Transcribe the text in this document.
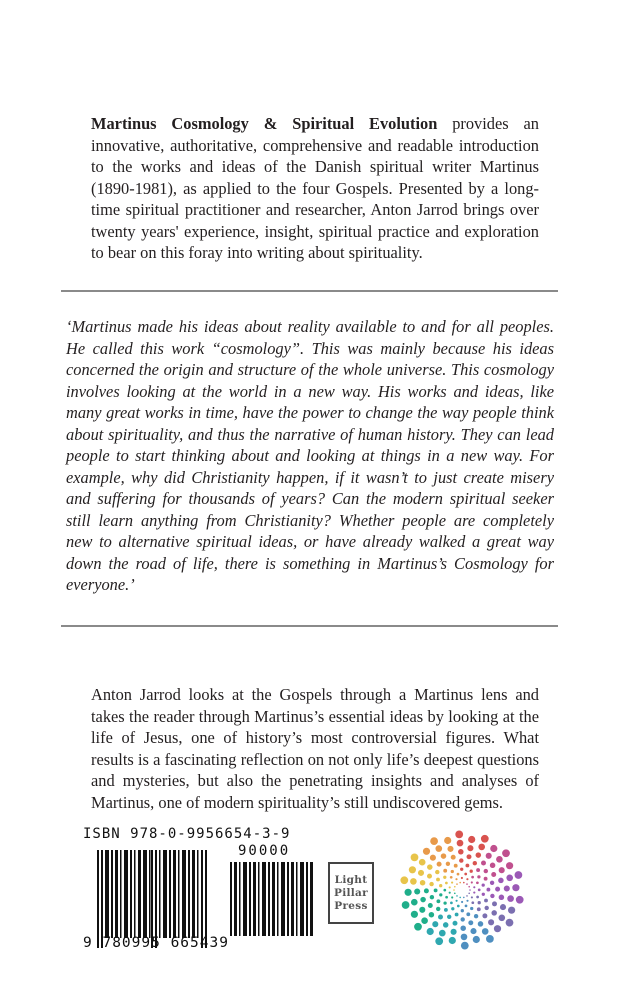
Martinus Cosmology & Spiritual Evolution provides an innovative, authoritative, comprehensive and readable introduction to the works and ideas of the Danish spiritual writer Martinus (1890-1981), as applied to the four Gospels. Presented by a long-time spiritual practitioner and researcher, Anton Jarrod brings over twenty years' experience, insight, spiritual practice and exploration to bear on this foray into writing about spirituality.

‘Martinus made his ideas about reality available to and for all peoples. He called this work “cosmology”. This was mainly because his ideas concerned the origin and structure of the whole universe. This cosmology involves looking at the world in a new way. His works and ideas, like many great works in time, have the power to change the way people think about spirituality, and thus the narrative of human history. They can lead people to start thinking about and looking at things in a new way. For example, why did Christianity happen, if it wasn’t to just create misery and suffering for thousands of years? Can the modern spiritual seeker still learn anything from Christianity? Whether people are completely new to alternative spiritual ideas, or have already walked a great way down the road of life, there is something in Martinus’s Cosmology for everyone.’

Anton Jarrod looks at the Gospels through a Martinus lens and takes the reader through Martinus’s essential ideas by looking at the life of Jesus, one of history’s most controversial figures. What results is a fascinating reflection on not only life’s deepest questions and mysteries, but also the penetrating insights and analyses of Martinus, one of modern spirituality’s still undiscovered gems.

ISBN 978-0-9956654-3-9
90000
9 780995 665439
Light
Pillar
Press
